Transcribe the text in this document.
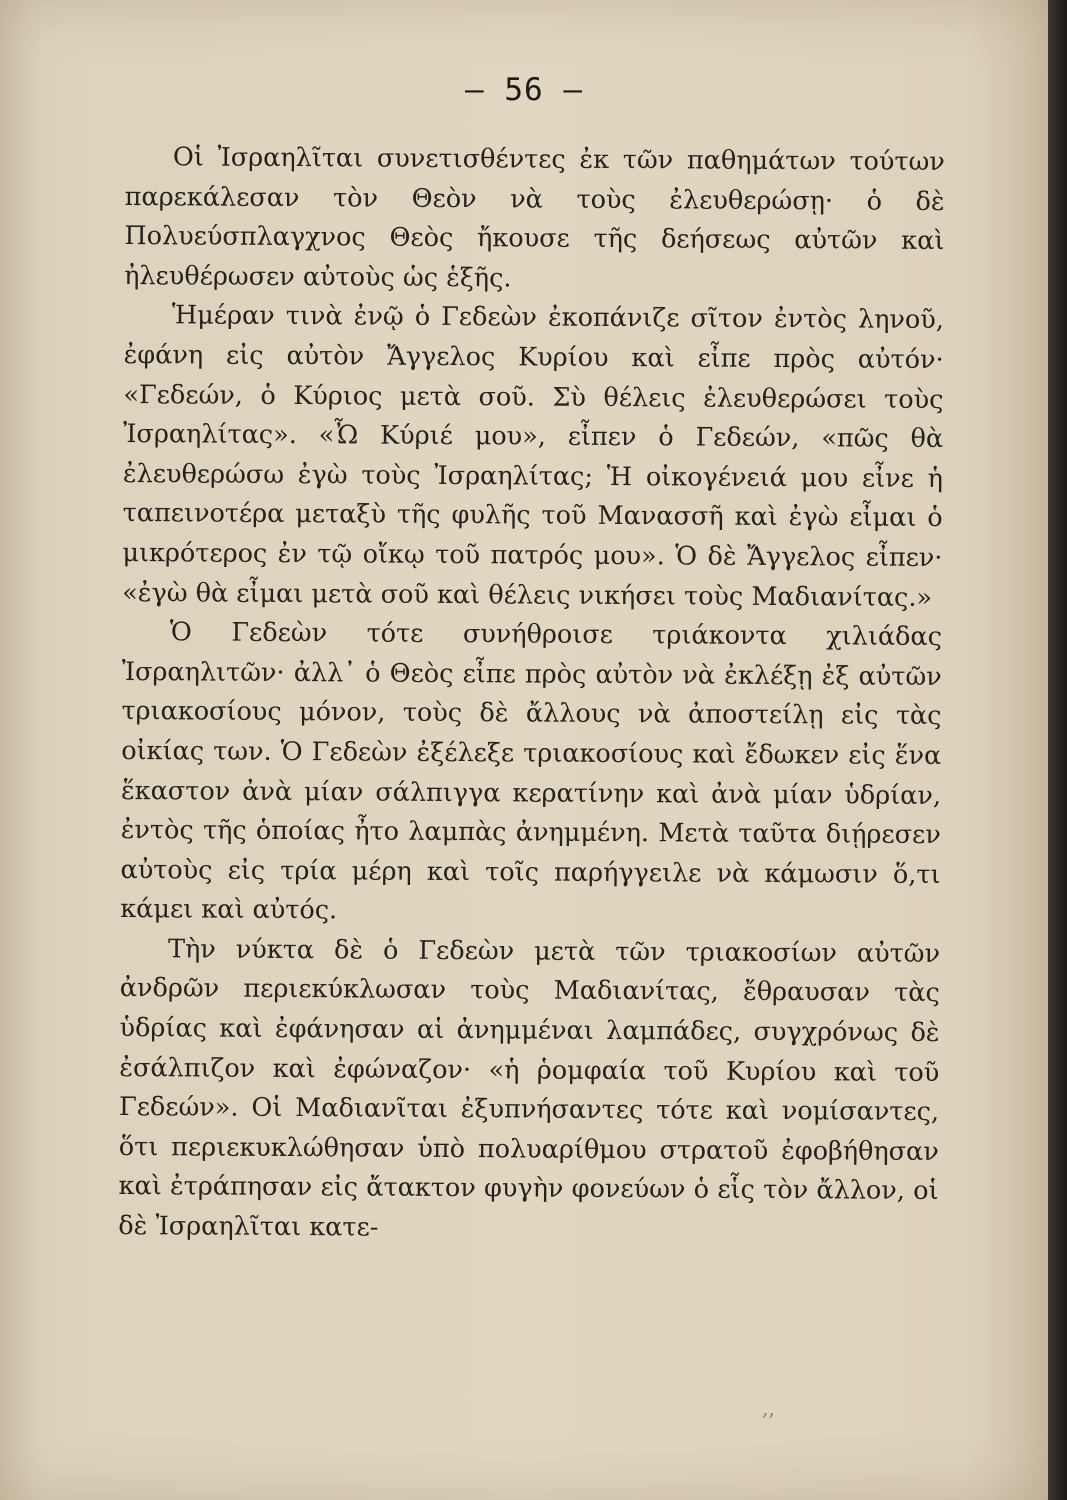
— 56 —

Οἱ Ἰσραηλῖται συνετισθέντες ἐκ τῶν παθημάτων τούτων παρεκάλεσαν τὸν Θεὸν νὰ τοὺς ἐλευθερώσῃ· ὁ δὲ Πολυεύσπλαγχνος Θεὸς ἤκουσε τῆς δεήσεως αὐτῶν καὶ ἠλευθέρωσεν αὐτοὺς ὡς ἑξῆς.

Ἡμέραν τινὰ ἐνῷ ὁ Γεδεὼν ἐκοπάνιζε σῖτον ἐντὸς ληνοῦ, ἐφάνη εἰς αὐτὸν Ἄγγελος Κυρίου καὶ εἶπε πρὸς αὐτόν· «Γεδεών, ὁ Κύριος μετὰ σοῦ. Σὺ θέλεις ἐλευθερώσει τοὺς Ἰσραηλίτας». «Ὦ Κύριέ μου», εἶπεν ὁ Γεδεών, «πῶς θὰ ἐλευθερώσω ἐγὼ τοὺς Ἰσραηλίτας; Ἡ οἰκογένειά μου εἶνε ἡ ταπεινοτέρα μεταξὺ τῆς φυλῆς τοῦ Μανασσῆ καὶ ἐγὼ εἶμαι ὁ μικρότερος ἐν τῷ οἴκῳ τοῦ πατρός μου». Ὁ δὲ Ἄγγελος εἶπεν· «ἐγὼ θὰ εἶμαι μετὰ σοῦ καὶ θέλεις νικήσει τοὺς Μαδιανίτας.»

Ὁ Γεδεὼν τότε συνήθροισε τριάκοντα χιλιάδας Ἰσραηλιτῶν· ἀλλ᾽ ὁ Θεὸς εἶπε πρὸς αὐτὸν νὰ ἐκλέξῃ ἐξ αὐτῶν τριακοσίους μόνον, τοὺς δὲ ἄλλους νὰ ἀποστείλῃ εἰς τὰς οἰκίας των. Ὁ Γεδεὼν ἐξέλεξε τριακοσίους καὶ ἔδωκεν εἰς ἕνα ἕκαστον ἀνὰ μίαν σάλπιγγα κερατίνην καὶ ἀνὰ μίαν ὑδρίαν, ἐντὸς τῆς ὁποίας ἦτο λαμπὰς ἀνημμένη. Μετὰ ταῦτα διῄρεσεν αὐτοὺς εἰς τρία μέρη καὶ τοῖς παρήγγειλε νὰ κάμωσιν ὅ,τι κάμει καὶ αὐτός.

Τὴν νύκτα δὲ ὁ Γεδεὼν μετὰ τῶν τριακοσίων αὐτῶν ἀνδρῶν περιεκύκλωσαν τοὺς Μαδιανίτας, ἔθραυσαν τὰς ὑδρίας καὶ ἐφάνησαν αἱ ἀνημμέναι λαμπάδες, συγχρόνως δὲ ἐσάλπιζον καὶ ἐφώναζον· «ἡ ῥομφαία τοῦ Κυρίου καὶ τοῦ Γεδεών». Οἱ Μαδιανῖται ἐξυπνήσαντες τότε καὶ νομίσαντες, ὅτι περιεκυκλώθησαν ὑπὸ πολυαρίθμου στρατοῦ ἐφοβήθησαν καὶ ἐτράπησαν εἰς ἄτακτον φυγὴν φονεύων ὁ εἷς τὸν ἄλλον, οἱ δὲ Ἰσραηλῖται κατε-

‚‚
